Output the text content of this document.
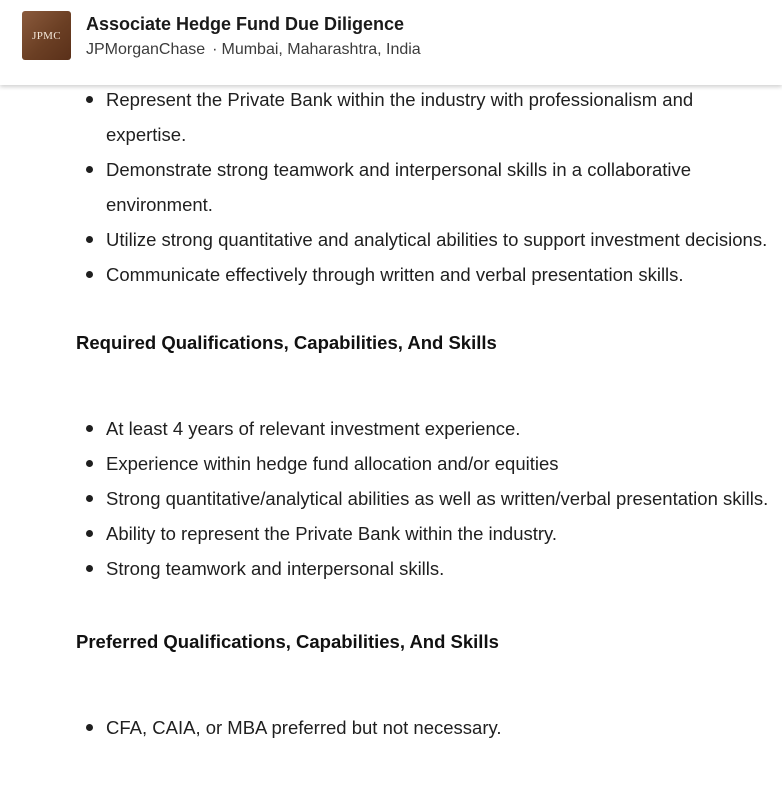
JPMC
Associate Hedge Fund Due Diligence
JPMorganChase · Mumbai, Maharashtra, India
Represent the Private Bank within the industry with professionalism and expertise.
Demonstrate strong teamwork and interpersonal skills in a collaborative environment.
Utilize strong quantitative and analytical abilities to support investment decisions.
Communicate effectively through written and verbal presentation skills.
Required Qualifications, Capabilities, And Skills
At least 4 years of relevant investment experience.
Experience within hedge fund allocation and/or equities
Strong quantitative/analytical abilities as well as written/verbal presentation skills.
Ability to represent the Private Bank within the industry.
Strong teamwork and interpersonal skills.
Preferred Qualifications, Capabilities, And Skills
CFA, CAIA, or MBA preferred but not necessary.
